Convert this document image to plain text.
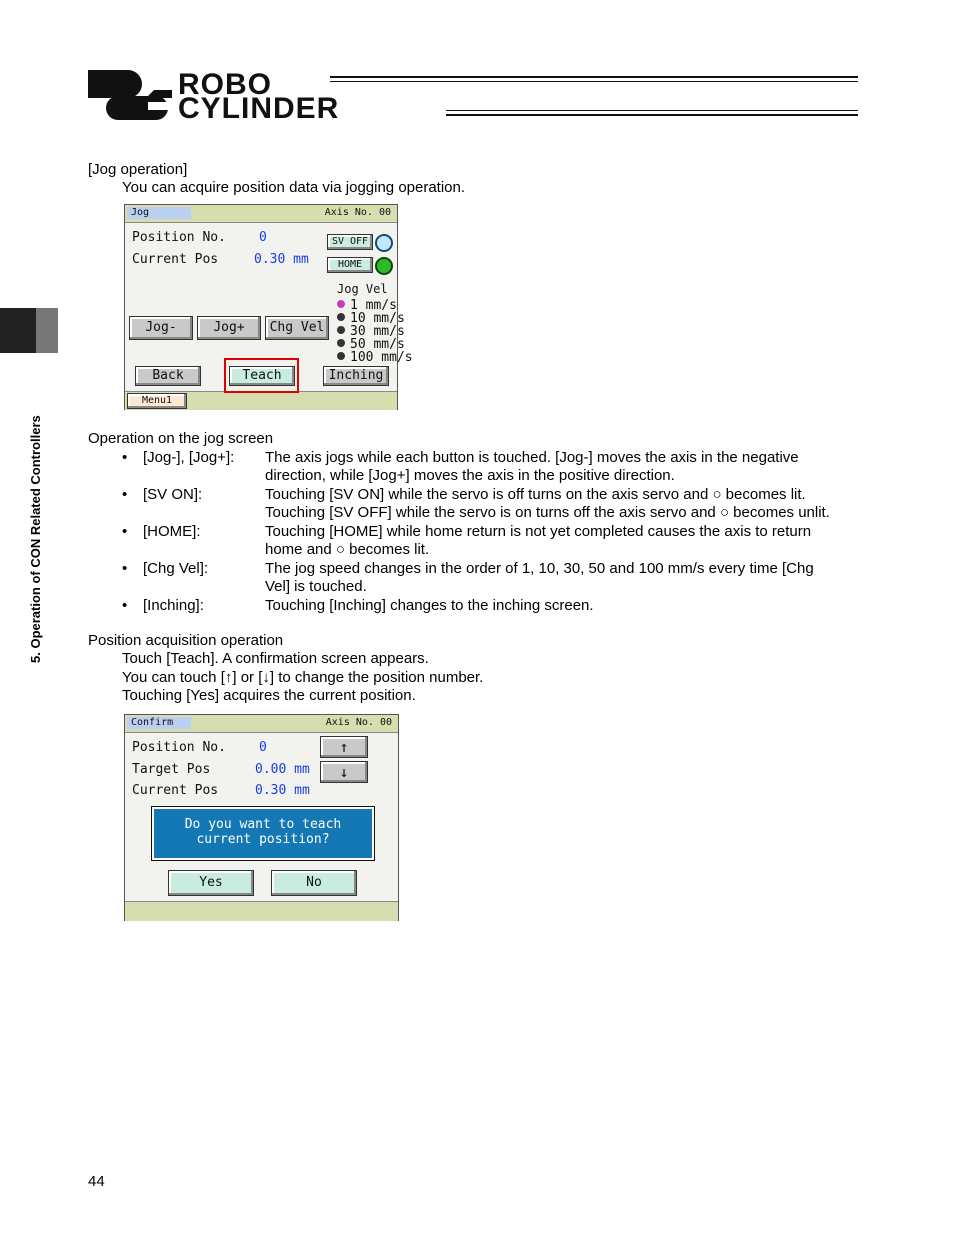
ROBO
CYLINDER
5. Operation of CON Related Controllers
[Jog operation]
You can acquire position data via jogging operation.
Jog	Axis No. 00
Position No.	0
Current Pos	0.30 mm
SV OFF
HOME
Jog Vel
1 mm/s
10 mm/s
30 mm/s
50 mm/s
100 mm/s
Jog-	Jog+	Chg Vel
Back	Teach	Inching
Menu1
Operation on the jog screen
• [Jog-], [Jog+]: The axis jogs while each button is touched. [Jog-] moves the axis in the negative
direction, while [Jog+] moves the axis in the positive direction.
• [SV ON]:	Touching [SV ON] while the servo is off turns on the axis servo and ○ becomes lit.
Touching [SV OFF] while the servo is on turns off the axis servo and ○ becomes unlit.
• [HOME]:	Touching [HOME] while home return is not yet completed causes the axis to return
home and ○ becomes lit.
• [Chg Vel]:	The jog speed changes in the order of 1, 10, 30, 50 and 100 mm/s every time [Chg
Vel] is touched.
• [Inching]:	Touching [Inching] changes to the inching screen.
Position acquisition operation
Touch [Teach]. A confirmation screen appears.
You can touch [↑] or [↓] to change the position number.
Touching [Yes] acquires the current position.
Confirm	Axis No. 00
Position No.	0
Target Pos	0.00 mm
Current Pos	0.30 mm
↑
↓
Do you want to teach
current position?
Yes	No
44
